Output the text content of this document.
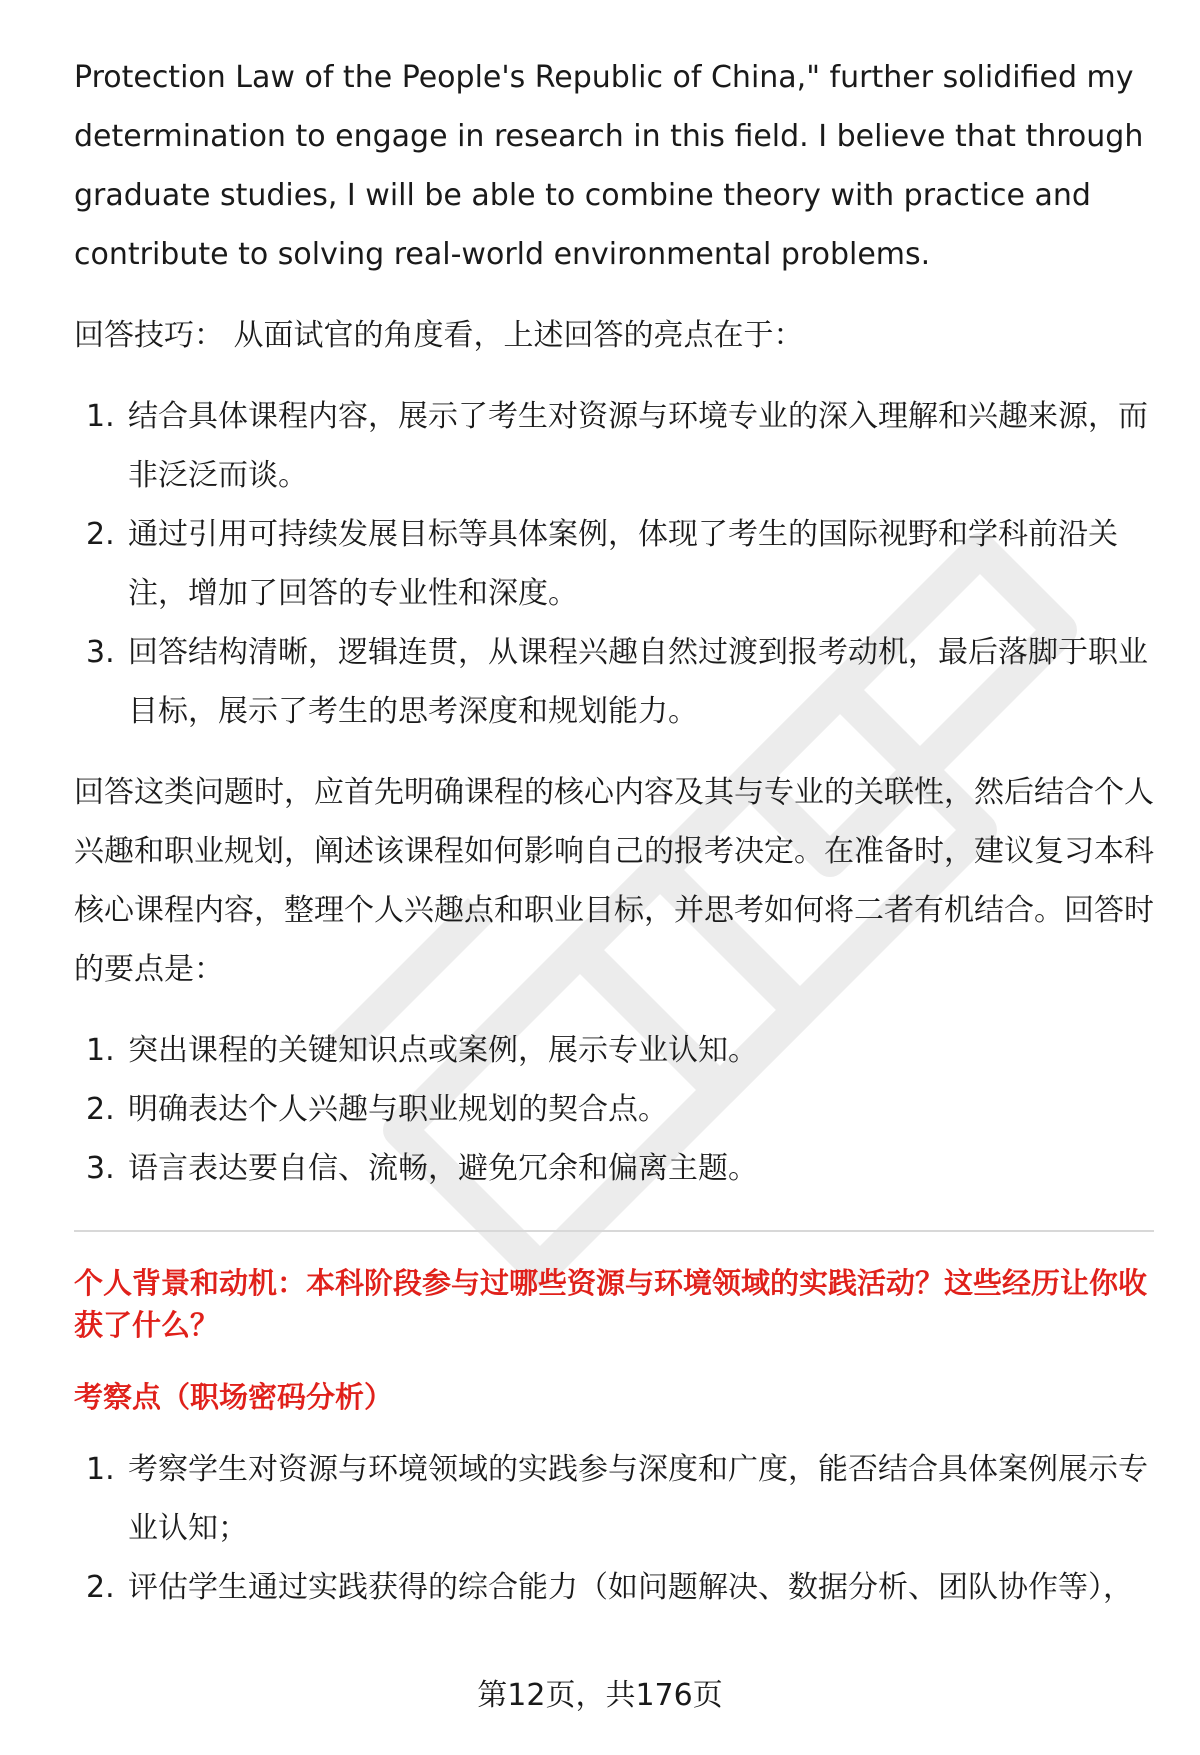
Protection Law of the People's Republic of China," further solidified my determination to engage in research in this field. I believe that through graduate studies, I will be able to combine theory with practice and contribute to solving real-world environmental problems.

回答技巧： 从面试官的角度看，上述回答的亮点在于：

1. 结合具体课程内容，展示了考生对资源与环境专业的深入理解和兴趣来源，而非泛泛而谈。
2. 通过引用可持续发展目标等具体案例，体现了考生的国际视野和学科前沿关注，增加了回答的专业性和深度。
3. 回答结构清晰，逻辑连贯，从课程兴趣自然过渡到报考动机，最后落脚于职业目标，展示了考生的思考深度和规划能力。

回答这类问题时，应首先明确课程的核心内容及其与专业的关联性，然后结合个人兴趣和职业规划，阐述该课程如何影响自己的报考决定。在准备时，建议复习本科核心课程内容，整理个人兴趣点和职业目标，并思考如何将二者有机结合。回答时的要点是：

1. 突出课程的关键知识点或案例，展示专业认知。
2. 明确表达个人兴趣与职业规划的契合点。
3. 语言表达要自信、流畅，避免冗余和偏离主题。

个人背景和动机：本科阶段参与过哪些资源与环境领域的实践活动？这些经历让你收获了什么？

考察点（职场密码分析）

1. 考察学生对资源与环境领域的实践参与深度和广度，能否结合具体案例展示专业认知；
2. 评估学生通过实践获得的综合能力（如问题解决、数据分析、团队协作等），
第12页，共176页
